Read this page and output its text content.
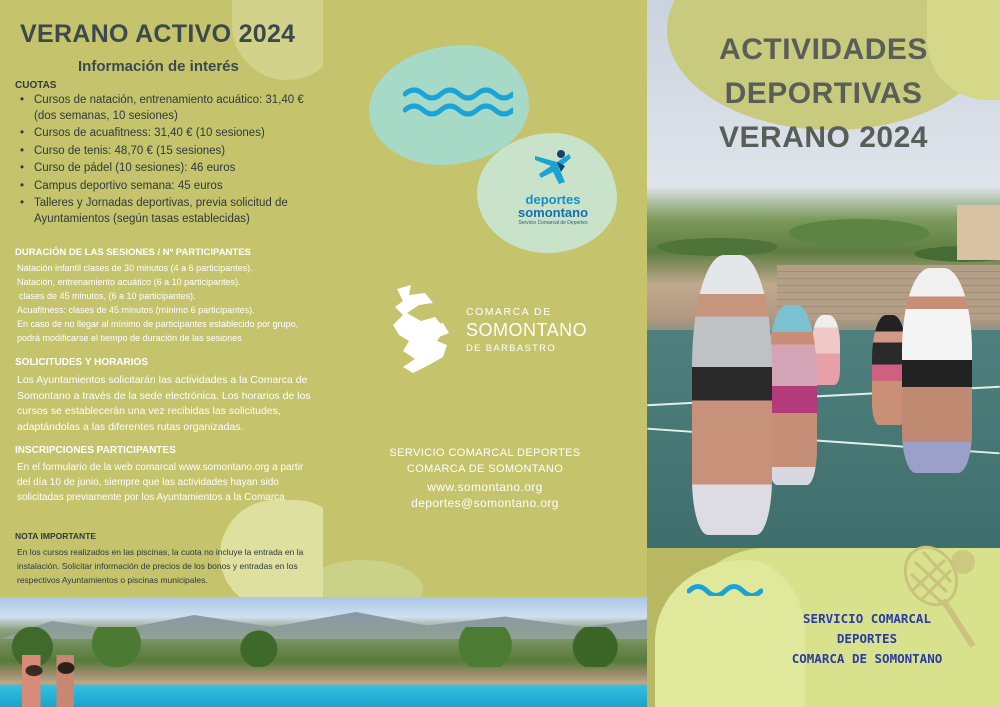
VERANO ACTIVO 2024
Información de interés
CUOTAS
• Cursos de natación, entrenamiento acuático: 31,40 € (dos semanas, 10 sesiones)
• Cursos de acuafitness: 31,40 € (10 sesiones)
• Curso de tenis: 48,70 € (15 sesiones)
• Curso de pádel (10 sesiones): 46 euros
• Campus deportivo semana: 45 euros
• Talleres y Jornadas deportivas, previa solicitud de Ayuntamientos (según tasas establecidas)
DURACIÓN DE LAS SESIONES / Nº PARTICIPANTES
Natación infantil clases de 30 minutos (4 a 6 participantes).
Natación, entrenamiento acuático (6 a 10 participantes).
clases de 45 minutos, (6 a 10 participantes).
Acuafitness: clases de 45 minutos (mínimo 6 participantes).
En caso de no llegar al mínimo de participantes establecido por grupo, podrá modificarse el tiempo de duración de las sesiones
SOLICITUDES Y HORARIOS
Los Ayuntamientos solicitarán las actividades a la Comarca de Somontano a través de la sede electrónica. Los horarios de los cursos se establecerán una vez recibidas las solicitudes, adaptándolas a las diferentes rutas organizadas.
INSCRIPCIONES PARTICIPANTES
En el formulario de la web comarcal www.somontano.org a partir del día 10 de junio, siempre que las actividades hayan sido solicitadas previamente por los Ayuntamientos a la Comarca
NOTA IMPORTANTE
En los cursos realizados en las piscinas, la cuota no incluye la entrada en la instalación. Solicitar información de precios de los bonos y entradas en los respectivos Ayuntamientos o piscinas municipales.
deportes
somontano
Servicio Comarcal de Deportes
COMARCA DE
SOMONTANO
DE BARBASTRO
SERVICIO COMARCAL DEPORTES
COMARCA DE SOMONTANO
www.somontano.org
deportes@somontano.org
ACTIVIDADES
DEPORTIVAS
VERANO 2024
SERVICIO COMARCAL
DEPORTES
COMARCA DE SOMONTANO
